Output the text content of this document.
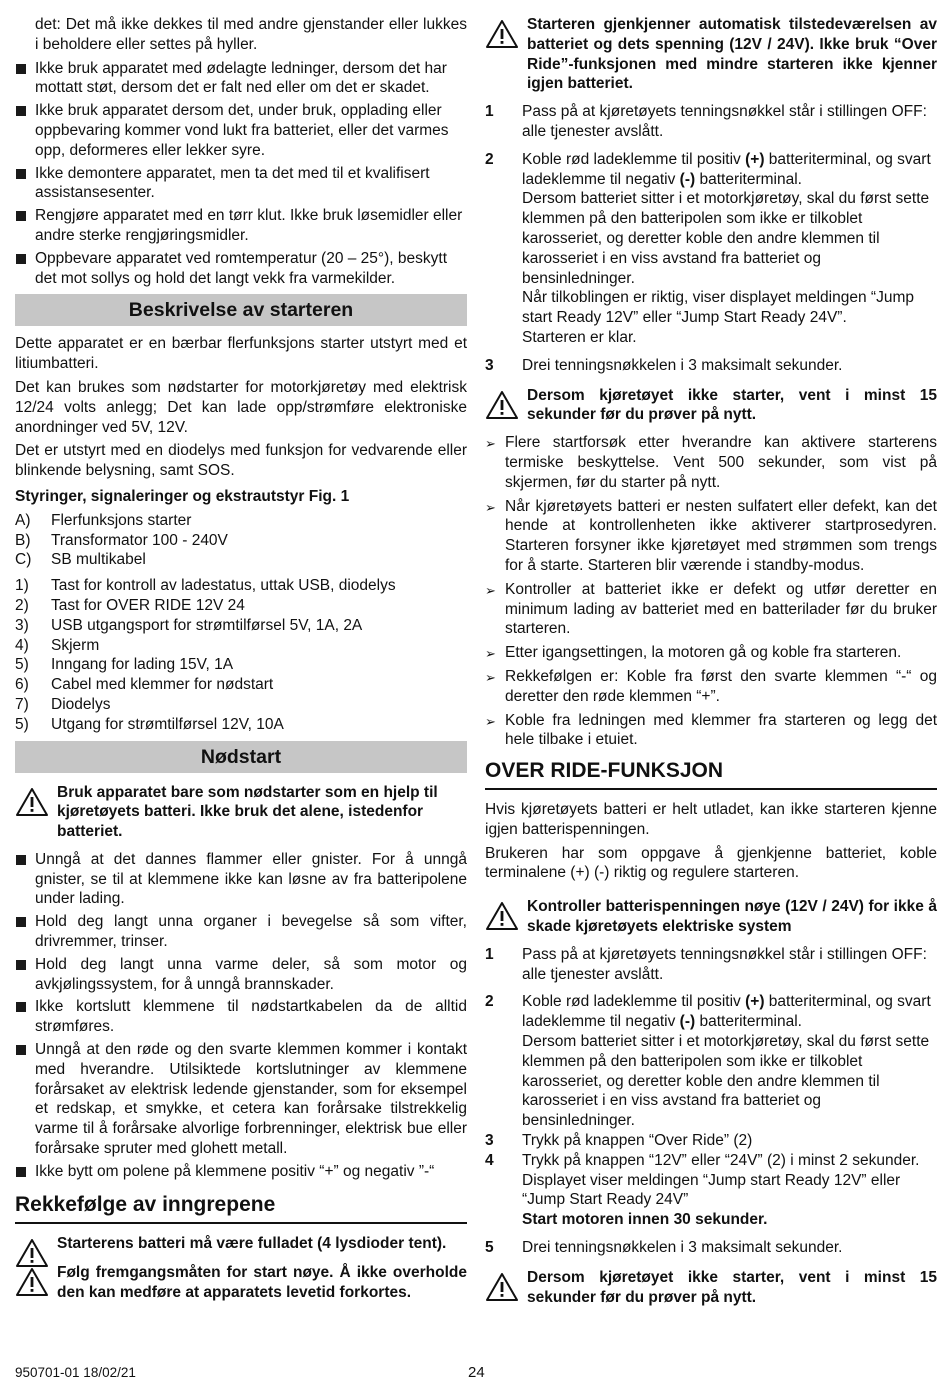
det: Det må ikke dekkes til med andre gjenstander eller lukkes i beholdere eller settes på hyller.

Ikke bruk apparatet med ødelagte ledninger, dersom det har mottatt støt, dersom det er falt ned eller om det er skadet.
Ikke bruk apparatet dersom det, under bruk, opplading eller oppbevaring kommer vond lukt fra batteriet, eller det varmes opp, deformeres eller lekker syre.
Ikke demontere apparatet, men ta det med til et kvalifisert assistansesenter.
Rengjøre apparatet med en tørr klut. Ikke bruk løsemidler eller andre sterke rengjøringsmidler.
Oppbevare apparatet ved romtemperatur (20 – 25°), beskytt det mot sollys og hold det langt vekk fra varmekilder.
Beskrivelse av starteren

Dette apparatet er en bærbar flerfunksjons starter utstyrt med et litiumbatteri.

Det kan brukes som nødstarter for motorkjøretøy med elektrisk 12/24 volts anlegg; Det kan lade opp/strømføre elektroniske anordninger ved 5V, 12V.

Det er utstyrt med en diodelys med funksjon for vedvarende eller blinkende belysning, samt SOS.

Styringer, signaleringer og ekstrautstyr Fig. 1

A) Flerfunksjons starter
B) Transformator 100 - 240V
C) SB multikabel
1) Tast for kontroll av ladestatus, uttak USB, diodelys
2) Tast for OVER RIDE 12V 24
3) USB utgangsport for strømtilførsel 5V, 1A, 2A
4) Skjerm
5) Inngang for lading 15V, 1A
6) Cabel med klemmer for nødstart
7) Diodelys
5) Utgang for strømtilførsel 12V, 10A
Nødstart
Bruk apparatet bare som nødstarter som en hjelp til kjøretøyets batteri. Ikke bruk det alene, istedenfor batteriet.
Unngå at det dannes flammer eller gnister. For å unngå gnister, se til at klemmene ikke kan løsne av fra batteripolene under lading.
Hold deg langt unna organer i bevegelse så som vifter, drivremmer, trinser.
Hold deg langt unna varme deler, så som motor og avkjølingssystem, for å unngå brannskader.
Ikke kortslutt klemmene til nødstartkabelen da de alltid strømføres.
Unngå at den røde og den svarte klemmen kommer i kontakt med hverandre. Utilsiktede kortslutninger av klemmene forårsaket av elektrisk ledende gjenstander, som for eksempel et redskap, et smykke, et cetera kan forårsake tilstrekkelig varme til å forårsake alvorlige forbrenninger, elektrisk bue eller forårsake spruter med glohett metall.
Ikke bytt om polene på klemmene positiv “+” og negativ ”-“
Rekkefølge av inngrepene
Starterens batteri må være fulladet (4 lysdioder tent).
Følg fremgangsmåten for start nøye. Å ikke overholde den kan medføre at apparatets levetid forkortes.
Starteren gjenkjenner automatisk tilstedeværelsen av batteriet og dets spenning (12V / 24V). Ikke bruk “Over Ride”-funksjonen med mindre starteren ikke kjenner igjen batteriet.
1 Pass på at kjøretøyets tenningsnøkkel står i stillingen OFF: alle tjenester avslått.
2 Koble rød ladeklemme til positiv (+) batteriterminal, og svart ladeklemme til negativ (-) batteriterminal.
Dersom batteriet sitter i et motorkjøretøy, skal du først sette klemmen på den batteripolen som ikke er tilkoblet karosseriet, og deretter koble den andre klemmen til karosseriet i en viss avstand fra batteriet og bensinledninger.
Når tilkoblingen er riktig, viser displayet meldingen “Jump start Ready 12V” eller “Jump Start Ready 24V”.
Starteren er klar.
3 Drei tenningsnøkkelen i 3 maksimalt sekunder.
Dersom kjøretøyet ikke starter, vent i minst 15 sekunder før du prøver på nytt.
➢ Flere startforsøk etter hverandre kan aktivere starterens termiske beskyttelse. Vent 500 sekunder, som vist på skjermen, før du starter på nytt.
➢ Når kjøretøyets batteri er nesten sulfatert eller defekt, kan det hende at kontrollenheten ikke aktiverer startprosedyren. Starteren forsyner ikke kjøretøyet med strømmen som trengs for å starte. Starteren blir værende i standby-modus.
➢ Kontroller at batteriet ikke er defekt og utfør deretter en minimum lading av batteriet med en batterilader før du bruker starteren.
➢ Etter igangsettingen, la motoren gå og koble fra starteren.
➢ Rekkefølgen er: Koble fra først den svarte klemmen “-“ og deretter den røde klemmen “+”.
➢ Koble fra ledningen med klemmer fra starteren og legg det hele tilbake i etuiet.
OVER RIDE-FUNKSJON

Hvis kjøretøyets batteri er helt utladet, kan ikke starteren kjenne igjen batterispenningen.

Brukeren har som oppgave å gjenkjenne batteriet, koble terminalene (+) (-) riktig og regulere starteren.

Kontroller batterispenningen nøye (12V / 24V) for ikke å skade kjøretøyets elektriske system
1 Pass på at kjøretøyets tenningsnøkkel står i stillingen OFF: alle tjenester avslått.
2 Koble rød ladeklemme til positiv (+) batteriterminal, og svart ladeklemme til negativ (-) batteriterminal.
Dersom batteriet sitter i et motorkjøretøy, skal du først sette klemmen på den batteripolen som ikke er tilkoblet karosseriet, og deretter koble den andre klemmen til karosseriet i en viss avstand fra batteriet og bensinledninger.
3 Trykk på knappen “Over Ride” (2)
4 Trykk på knappen “12V” eller “24V” (2) i minst 2 sekunder.
Displayet viser meldingen “Jump start Ready 12V” eller “Jump Start Ready 24V”
Start motoren innen 30 sekunder.
5 Drei tenningsnøkkelen i 3 maksimalt sekunder.
Dersom kjøretøyet ikke starter, vent i minst 15 sekunder før du prøver på nytt.
950701-01 18/02/21	24
